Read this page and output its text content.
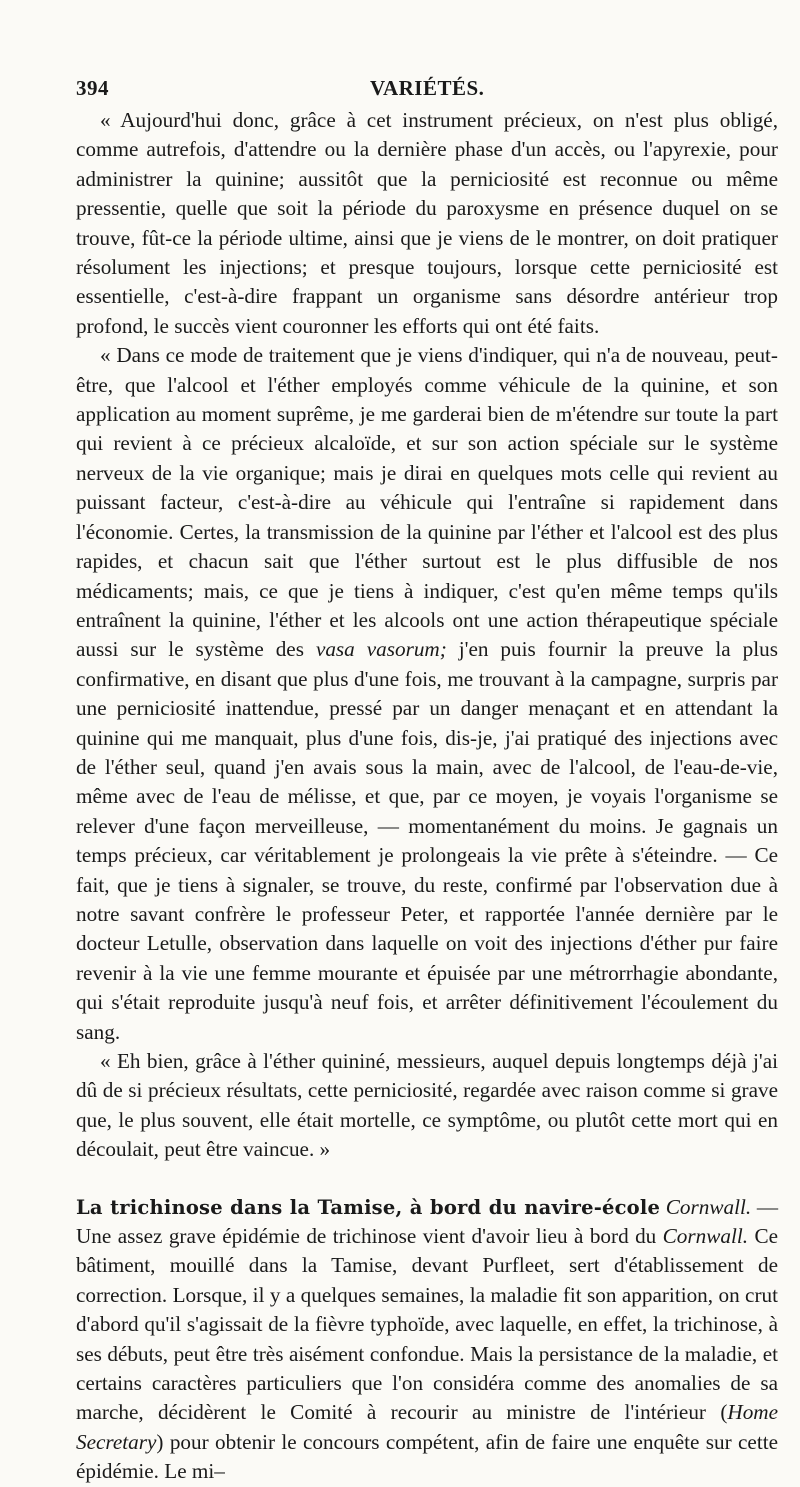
394	VARIÉTÉS.

« Aujourd'hui donc, grâce à cet instrument précieux, on n'est plus obligé, comme autrefois, d'attendre ou la dernière phase d'un accès, ou l'apyrexie, pour administrer la quinine; aussitôt que la perniciosité est reconnue ou même pressentie, quelle que soit la période du paroxysme en présence duquel on se trouve, fût-ce la période ultime, ainsi que je viens de le montrer, on doit pratiquer résolument les injections; et presque toujours, lorsque cette perniciosité est essentielle, c'est-à-dire frappant un organisme sans désordre antérieur trop profond, le succès vient couronner les efforts qui ont été faits.

« Dans ce mode de traitement que je viens d'indiquer, qui n'a de nouveau, peut-être, que l'alcool et l'éther employés comme véhicule de la quinine, et son application au moment suprême, je me garderai bien de m'étendre sur toute la part qui revient à ce précieux alcaloïde, et sur son action spéciale sur le système nerveux de la vie organique; mais je dirai en quelques mots celle qui revient au puissant facteur, c'est-à-dire au véhicule qui l'entraîne si rapidement dans l'économie. Certes, la transmission de la quinine par l'éther et l'alcool est des plus rapides, et chacun sait que l'éther surtout est le plus diffusible de nos médicaments; mais, ce que je tiens à indiquer, c'est qu'en même temps qu'ils entraînent la quinine, l'éther et les alcools ont une action thérapeutique spéciale aussi sur le système des vasa vasorum; j'en puis fournir la preuve la plus confirmative, en disant que plus d'une fois, me trouvant à la campagne, surpris par une perniciosité inattendue, pressé par un danger menaçant et en attendant la quinine qui me manquait, plus d'une fois, dis-je, j'ai pratiqué des injections avec de l'éther seul, quand j'en avais sous la main, avec de l'alcool, de l'eau-de-vie, même avec de l'eau de mélisse, et que, par ce moyen, je voyais l'organisme se relever d'une façon merveilleuse, — momentanément du moins. Je gagnais un temps précieux, car véritablement je prolongeais la vie prête à s'éteindre. — Ce fait, que je tiens à signaler, se trouve, du reste, confirmé par l'observation due à notre savant confrère le professeur Peter, et rapportée l'année dernière par le docteur Letulle, observation dans laquelle on voit des injections d'éther pur faire revenir à la vie une femme mourante et épuisée par une métrorrhagie abondante, qui s'était reproduite jusqu'à neuf fois, et arrêter définitivement l'écoulement du sang.

« Eh bien, grâce à l'éther quininé, messieurs, auquel depuis longtemps déjà j'ai dû de si précieux résultats, cette perniciosité, regardée avec raison comme si grave que, le plus souvent, elle était mortelle, ce symptôme, ou plutôt cette mort qui en découlait, peut être vaincue. »

La trichinose dans la Tamise, à bord du navire-école Cornwall. — Une assez grave épidémie de trichinose vient d'avoir lieu à bord du Cornwall. Ce bâtiment, mouillé dans la Tamise, devant Purfleet, sert d'établissement de correction. Lorsque, il y a quelques semaines, la maladie fit son apparition, on crut d'abord qu'il s'agissait de la fièvre typhoïde, avec laquelle, en effet, la trichinose, à ses débuts, peut être très aisément confondue. Mais la persistance de la maladie, et certains caractères particuliers que l'on considéra comme des anomalies de sa marche, décidèrent le Comité à recourir au ministre de l'intérieur (Home Secretary) pour obtenir le concours compétent, afin de faire une enquête sur cette épidémie. Le mi–
